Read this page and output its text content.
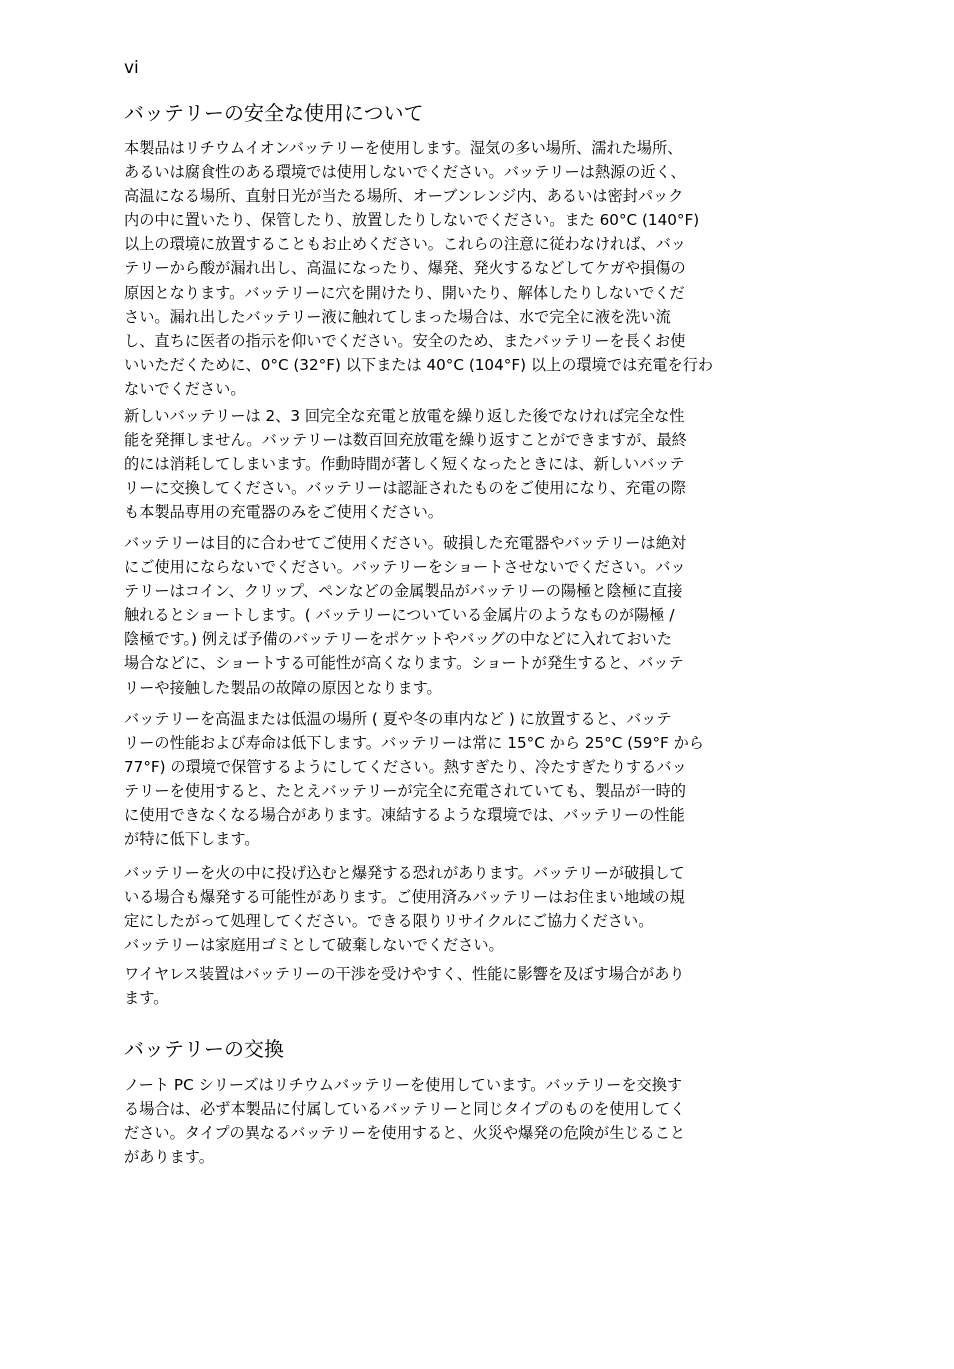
vi
バッテリーの安全な使用について
本製品はリチウムイオンバッテリーを使用します。湿気の多い場所、濡れた場所、
あるいは腐食性のある環境では使用しないでください。バッテリーは熱源の近く、
高温になる場所、直射日光が当たる場所、オーブンレンジ内、あるいは密封パック
内の中に置いたり、保管したり、放置したりしないでください。また 60°C (140°F)
以上の環境に放置することもお止めください。これらの注意に従わなければ、バッ
テリーから酸が漏れ出し、高温になったり、爆発、発火するなどしてケガや損傷の
原因となります。バッテリーに穴を開けたり、開いたり、解体したりしないでくだ
さい。漏れ出したバッテリー液に触れてしまった場合は、水で完全に液を洗い流
し、直ちに医者の指示を仰いでください。安全のため、またバッテリーを長くお使
いいただくために、0°C (32°F) 以下または 40°C (104°F) 以上の環境では充電を行わ
ないでください。
新しいバッテリーは 2、3 回完全な充電と放電を繰り返した後でなければ完全な性
能を発揮しません。バッテリーは数百回充放電を繰り返すことができますが、最終
的には消耗してしまいます。作動時間が著しく短くなったときには、新しいバッテ
リーに交換してください。バッテリーは認証されたものをご使用になり、充電の際
も本製品専用の充電器のみをご使用ください。
バッテリーは目的に合わせてご使用ください。破損した充電器やバッテリーは絶対
にご使用にならないでください。バッテリーをショートさせないでください。バッ
テリーはコイン、クリップ、ペンなどの金属製品がバッテリーの陽極と陰極に直接
触れるとショートします。( バッテリーについている金属片のようなものが陽極 /
陰極です。) 例えば予備のバッテリーをポケットやバッグの中などに入れておいた
場合などに、ショートする可能性が高くなります。ショートが発生すると、バッテ
リーや接触した製品の故障の原因となります。
バッテリーを高温または低温の場所 ( 夏や冬の車内など ) に放置すると、バッテ
リーの性能および寿命は低下します。バッテリーは常に 15°C から 25°C (59°F から
77°F) の環境で保管するようにしてください。熱すぎたり、冷たすぎたりするバッ
テリーを使用すると、たとえバッテリーが完全に充電されていても、製品が一時的
に使用できなくなる場合があります。凍結するような環境では、バッテリーの性能
が特に低下します。
バッテリーを火の中に投げ込むと爆発する恐れがあります。バッテリーが破損して
いる場合も爆発する可能性があります。ご使用済みバッテリーはお住まい地域の規
定にしたがって処理してください。できる限りリサイクルにご協力ください。
バッテリーは家庭用ゴミとして破棄しないでください。
ワイヤレス装置はバッテリーの干渉を受けやすく、性能に影響を及ぼす場合があり
ます。
バッテリーの交換
ノート PC シリーズはリチウムバッテリーを使用しています。バッテリーを交換す
る場合は、必ず本製品に付属しているバッテリーと同じタイプのものを使用してく
ださい。タイプの異なるバッテリーを使用すると、火災や爆発の危険が生じること
があります。
